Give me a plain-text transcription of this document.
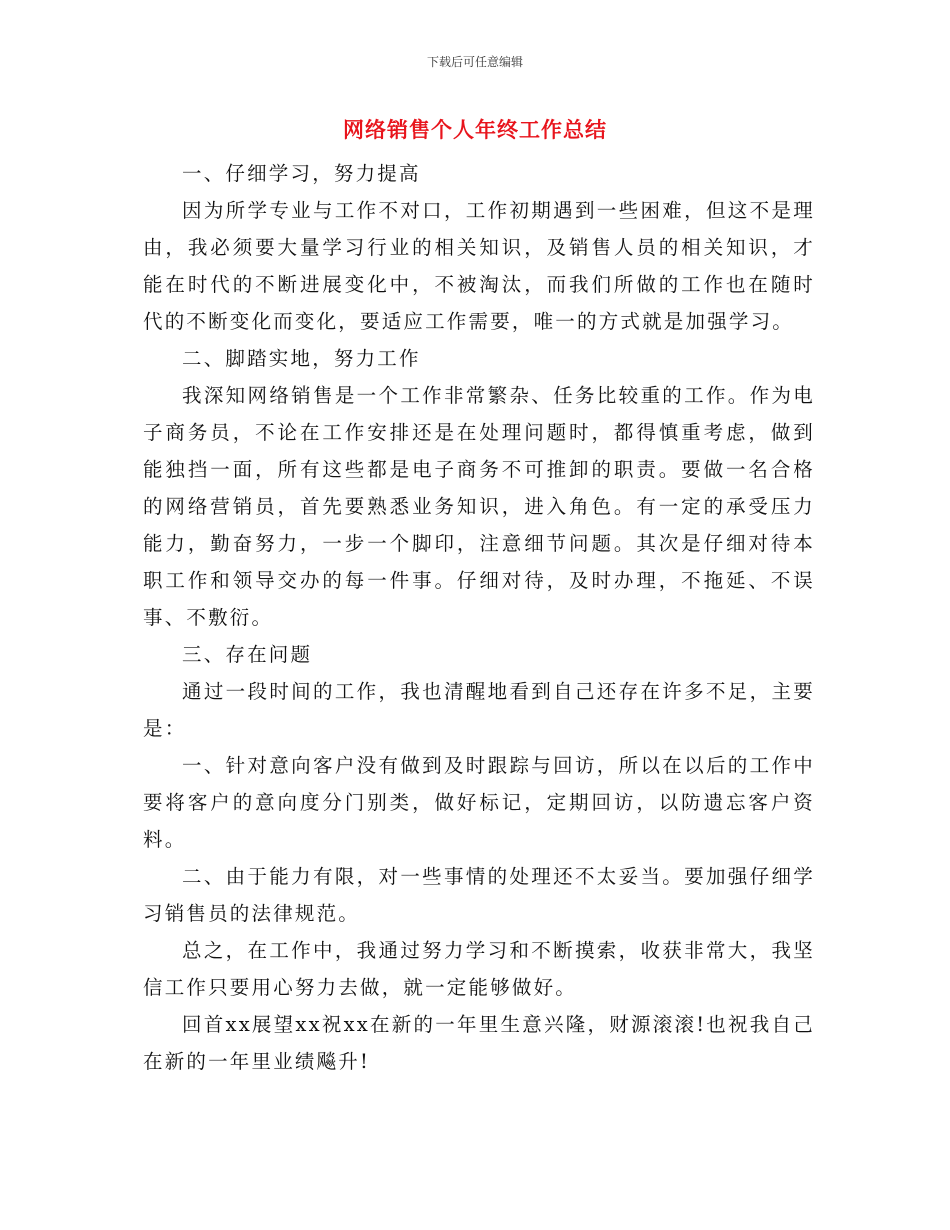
下载后可任意编辑
网络销售个人年终工作总结

一、仔细学习，努力提高

因为所学专业与工作不对口，工作初期遇到一些困难，但这不是理由，我必须要大量学习行业的相关知识，及销售人员的相关知识，才能在时代的不断进展变化中，不被淘汰，而我们所做的工作也在随时代的不断变化而变化，要适应工作需要，唯一的方式就是加强学习。

二、脚踏实地，努力工作

我深知网络销售是一个工作非常繁杂、任务比较重的工作。作为电子商务员，不论在工作安排还是在处理问题时，都得慎重考虑，做到能独挡一面，所有这些都是电子商务不可推卸的职责。要做一名合格的网络营销员，首先要熟悉业务知识，进入角色。有一定的承受压力能力，勤奋努力，一步一个脚印，注意细节问题。其次是仔细对待本职工作和领导交办的每一件事。仔细对待，及时办理，不拖延、不误事、不敷衍。

三、存在问题

通过一段时间的工作，我也清醒地看到自己还存在许多不足，主要是：

一、针对意向客户没有做到及时跟踪与回访，所以在以后的工作中要将客户的意向度分门别类，做好标记，定期回访，以防遗忘客户资料。

二、由于能力有限，对一些事情的处理还不太妥当。要加强仔细学习销售员的法律规范。

总之，在工作中，我通过努力学习和不断摸索，收获非常大，我坚信工作只要用心努力去做，就一定能够做好。

回首xx展望xx祝xx在新的一年里生意兴隆，财源滚滚!也祝我自己在新的一年里业绩飚升!
